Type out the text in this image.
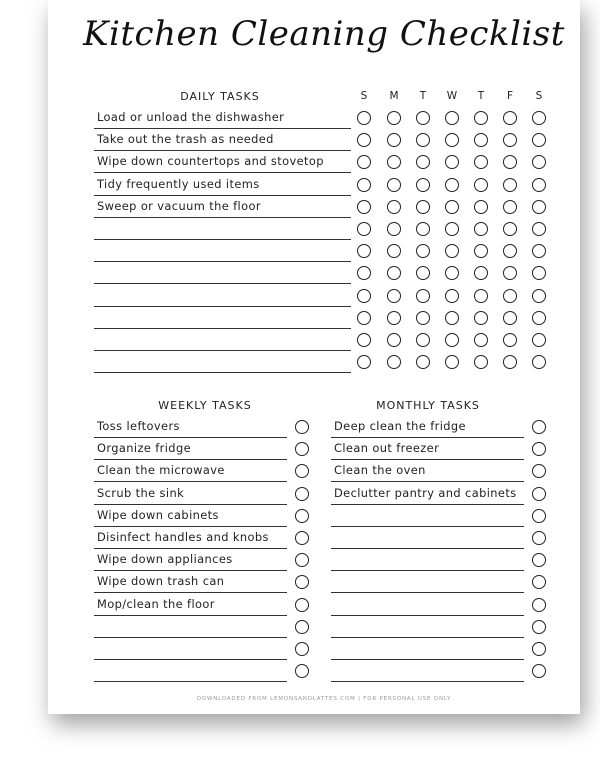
Kitchen Cleaning Checklist
DAILY TASKS	S	M	T	W	T	F	S
Load or unload the dishwasher
Take out the trash as needed
Wipe down countertops and stovetop
Tidy frequently used items
Sweep or vacuum the floor
WEEKLY TASKS
Toss leftovers
Organize fridge
Clean the microwave
Scrub the sink
Wipe down cabinets
Disinfect handles and knobs
Wipe down appliances
Wipe down trash can
Mop/clean the floor
MONTHLY TASKS
Deep clean the fridge
Clean out freezer
Clean the oven
Declutter pantry and cabinets
DOWNLOADED FROM LEMONSANDLATTES.COM | FOR PERSONAL USE ONLY
